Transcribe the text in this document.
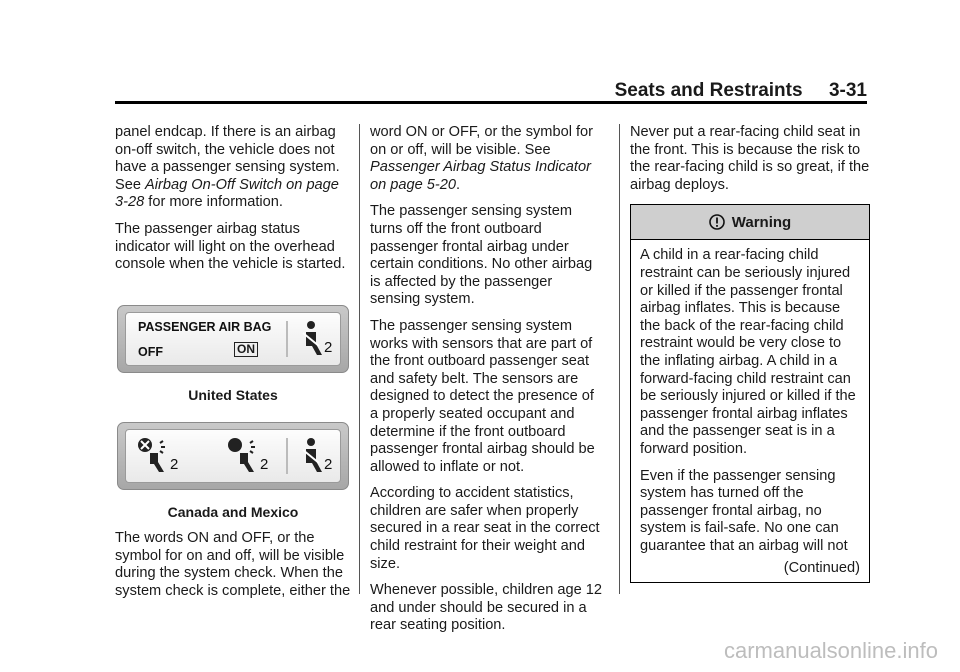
Seats and Restraints 3-31

panel endcap. If there is an airbag on-off switch, the vehicle does not have a passenger sensing system. See Airbag On-Off Switch on page 3-28 for more information.

The passenger airbag status indicator will light on the overhead console when the vehicle is started.

PASSENGER AIR BAG
OFF	ON	2
United States
2	2	2
Canada and Mexico

The words ON and OFF, or the symbol for on and off, will be visible during the system check. When the system check is complete, either the

word ON or OFF, or the symbol for on or off, will be visible. See Passenger Airbag Status Indicator on page 5-20.

The passenger sensing system turns off the front outboard passenger frontal airbag under certain conditions. No other airbag is affected by the passenger sensing system.

The passenger sensing system works with sensors that are part of the front outboard passenger seat and safety belt. The sensors are designed to detect the presence of a properly seated occupant and determine if the front outboard passenger frontal airbag should be allowed to inflate or not.

According to accident statistics, children are safer when properly secured in a rear seat in the correct child restraint for their weight and size.

Whenever possible, children age 12 and under should be secured in a rear seating position.

Never put a rear-facing child seat in the front. This is because the risk to the rear-facing child is so great, if the airbag deploys.

Warning

A child in a rear-facing child restraint can be seriously injured or killed if the passenger frontal airbag inflates. This is because the back of the rear-facing child restraint would be very close to the inflating airbag. A child in a forward-facing child restraint can be seriously injured or killed if the passenger frontal airbag inflates and the passenger seat is in a forward position.

Even if the passenger sensing system has turned off the passenger frontal airbag, no system is fail-safe. No one can guarantee that an airbag will not

(Continued)
carmanualsonline.info
